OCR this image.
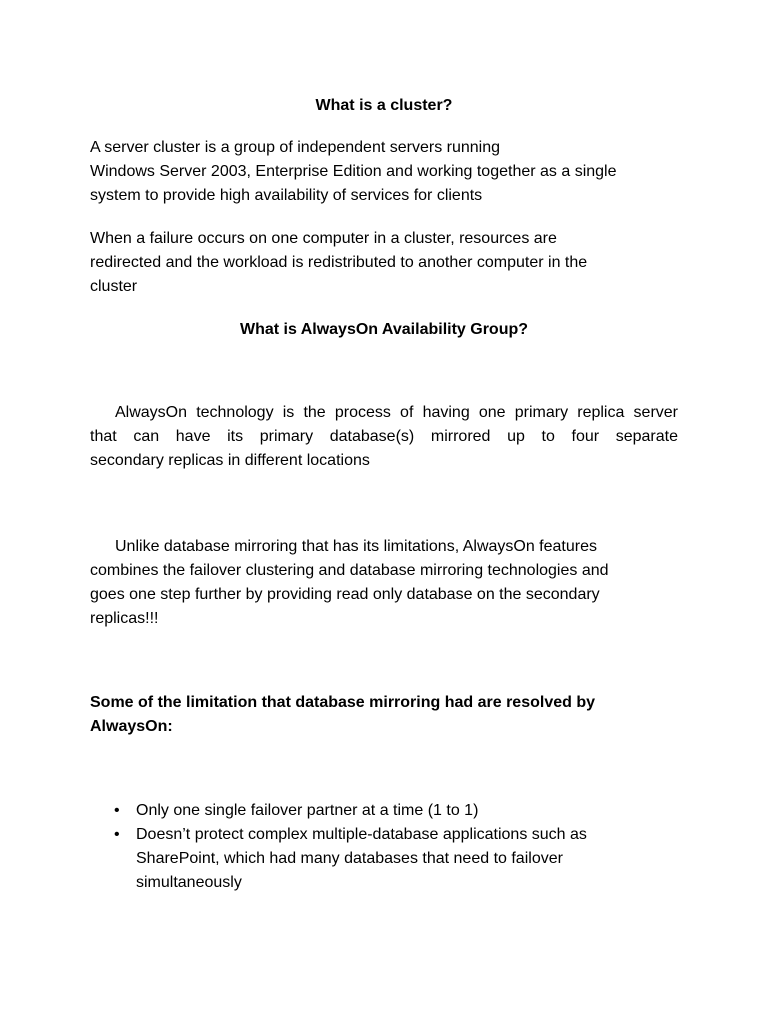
What is a cluster?
A server cluster is a group of independent servers running
Windows Server 2003, Enterprise Edition and working together as a single
system to provide high availability of services for clients
When a failure occurs on one computer in a cluster, resources are
redirected and the workload is redistributed to another computer in the
cluster
What is AlwaysOn Availability Group?
AlwaysOn technology is the process of having one primary replica server
that can have its primary database(s) mirrored up to four separate
secondary replicas in different locations
Unlike database mirroring that has its limitations, AlwaysOn features
combines the failover clustering and database mirroring technologies and
goes one step further by providing read only database on the secondary
replicas!!!
Some of the limitation that database mirroring had are resolved by
AlwaysOn:
• Only one single failover partner at a time (1 to 1)
• Doesn’t protect complex multiple-database applications such as
SharePoint, which had many databases that need to failover
simultaneously
